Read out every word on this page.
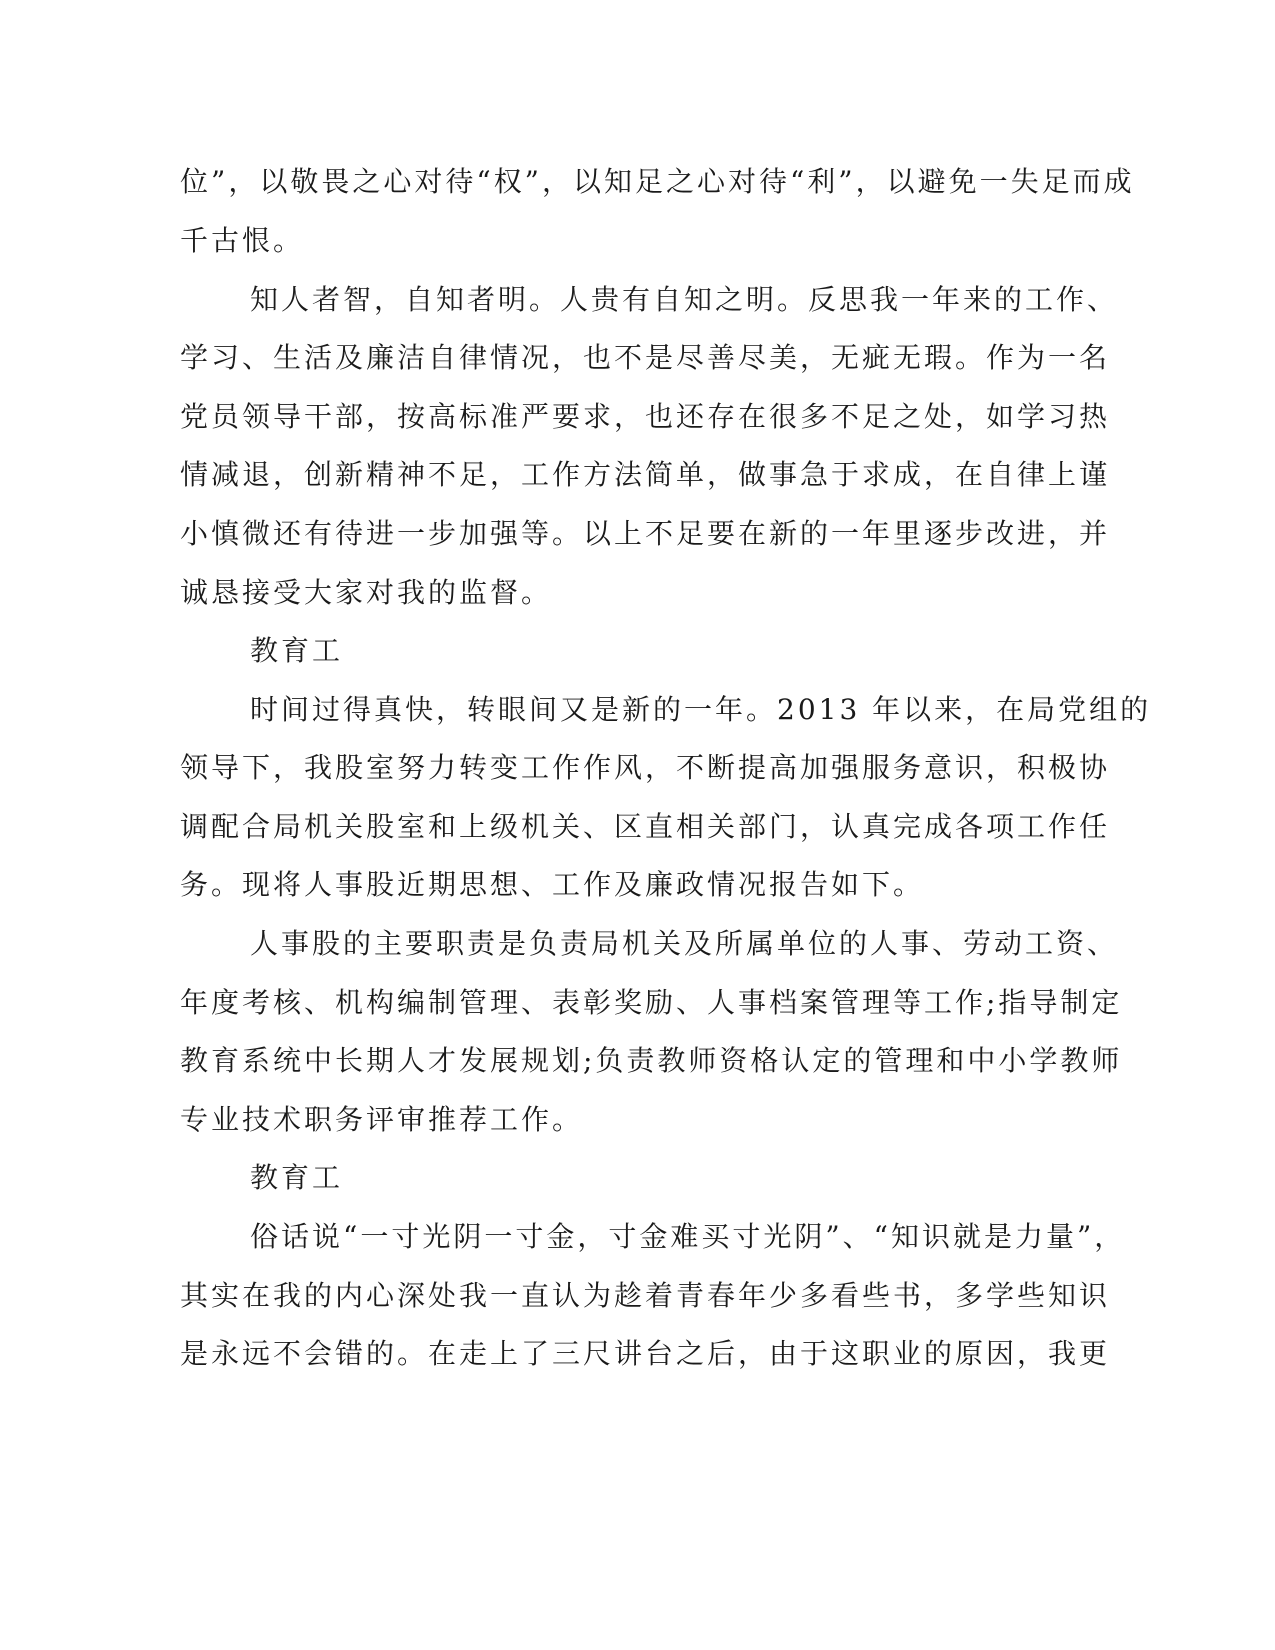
位”，以敬畏之心对待“权”，以知足之心对待“利”，以避免一失足而成
千古恨。
知人者智，自知者明。人贵有自知之明。反思我一年来的工作、
学习、生活及廉洁自律情况，也不是尽善尽美，无疵无瑕。作为一名
党员领导干部，按高标准严要求，也还存在很多不足之处，如学习热
情减退，创新精神不足，工作方法简单，做事急于求成，在自律上谨
小慎微还有待进一步加强等。以上不足要在新的一年里逐步改进，并
诚恳接受大家对我的监督。
教育工
时间过得真快，转眼间又是新的一年。2013 年以来，在局党组的
领导下，我股室努力转变工作作风，不断提高加强服务意识，积极协
调配合局机关股室和上级机关、区直相关部门，认真完成各项工作任
务。现将人事股近期思想、工作及廉政情况报告如下。
人事股的主要职责是负责局机关及所属单位的人事、劳动工资、
年度考核、机构编制管理、表彰奖励、人事档案管理等工作;指导制定
教育系统中长期人才发展规划;负责教师资格认定的管理和中小学教师
专业技术职务评审推荐工作。
教育工
俗话说“一寸光阴一寸金，寸金难买寸光阴”、“知识就是力量”，
其实在我的内心深处我一直认为趁着青春年少多看些书，多学些知识
是永远不会错的。在走上了三尺讲台之后，由于这职业的原因，我更
